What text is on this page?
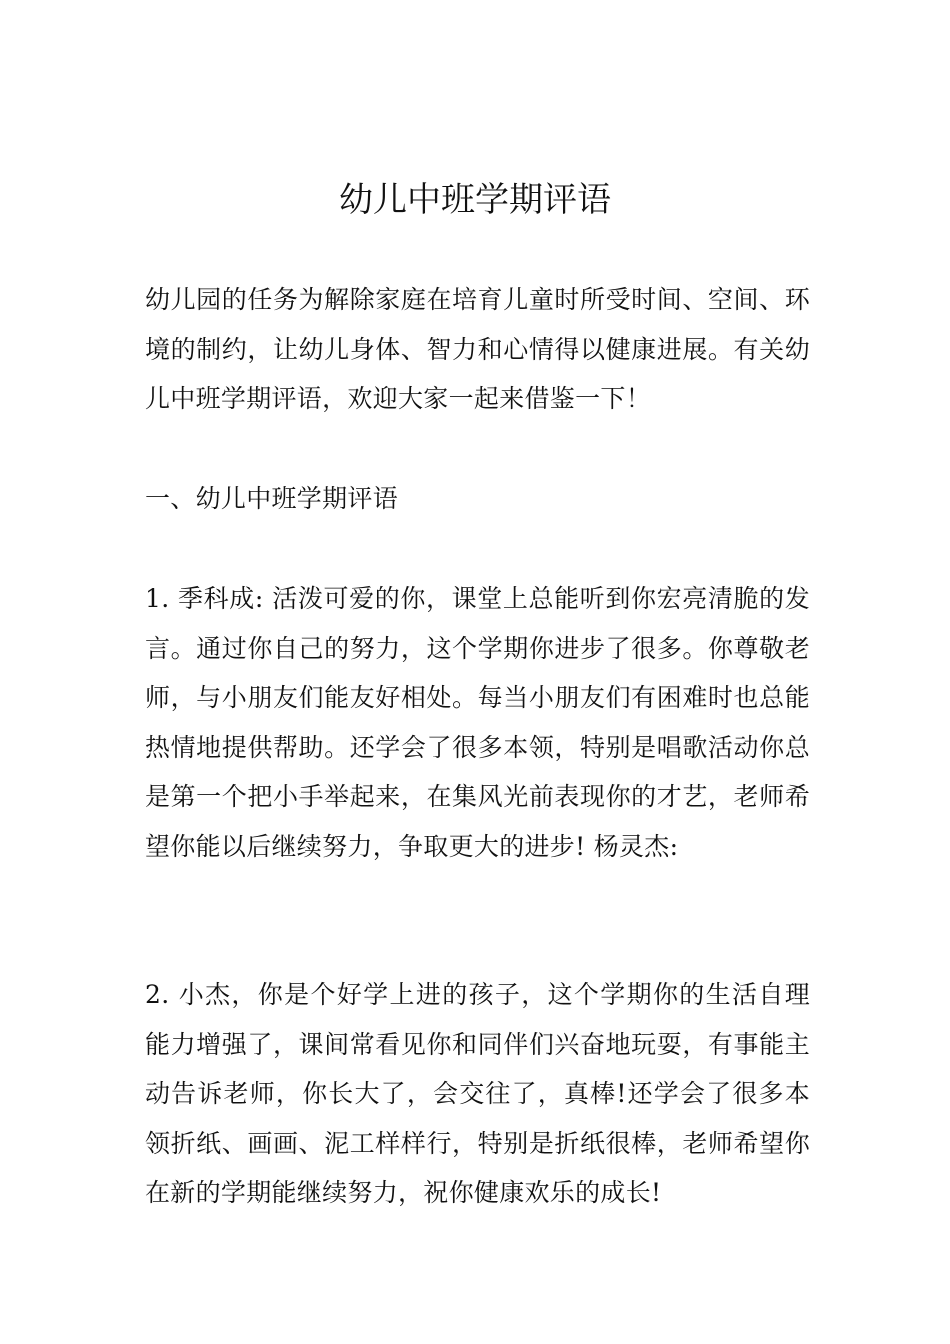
幼儿中班学期评语

幼儿园的任务为解除家庭在培育儿童时所受时间、空间、环境的制约，让幼儿身体、智力和心情得以健康进展。有关幼儿中班学期评语，欢迎大家一起来借鉴一下！

一、幼儿中班学期评语

1. 季科成: 活泼可爱的你，课堂上总能听到你宏亮清脆的发言。通过你自己的努力，这个学期你进步了很多。你尊敬老师，与小朋友们能友好相处。每当小朋友们有困难时也总能热情地提供帮助。还学会了很多本领，特别是唱歌活动你总是第一个把小手举起来，在集风光前表现你的才艺，老师希望你能以后继续努力，争取更大的进步! 杨灵杰:

2. 小杰，你是个好学上进的孩子，这个学期你的生活自理能力增强了，课间常看见你和同伴们兴奋地玩耍，有事能主动告诉老师，你长大了，会交往了，真棒!还学会了很多本领折纸、画画、泥工样样行，特别是折纸很棒，老师希望你在新的学期能继续努力，祝你健康欢乐的成长!
